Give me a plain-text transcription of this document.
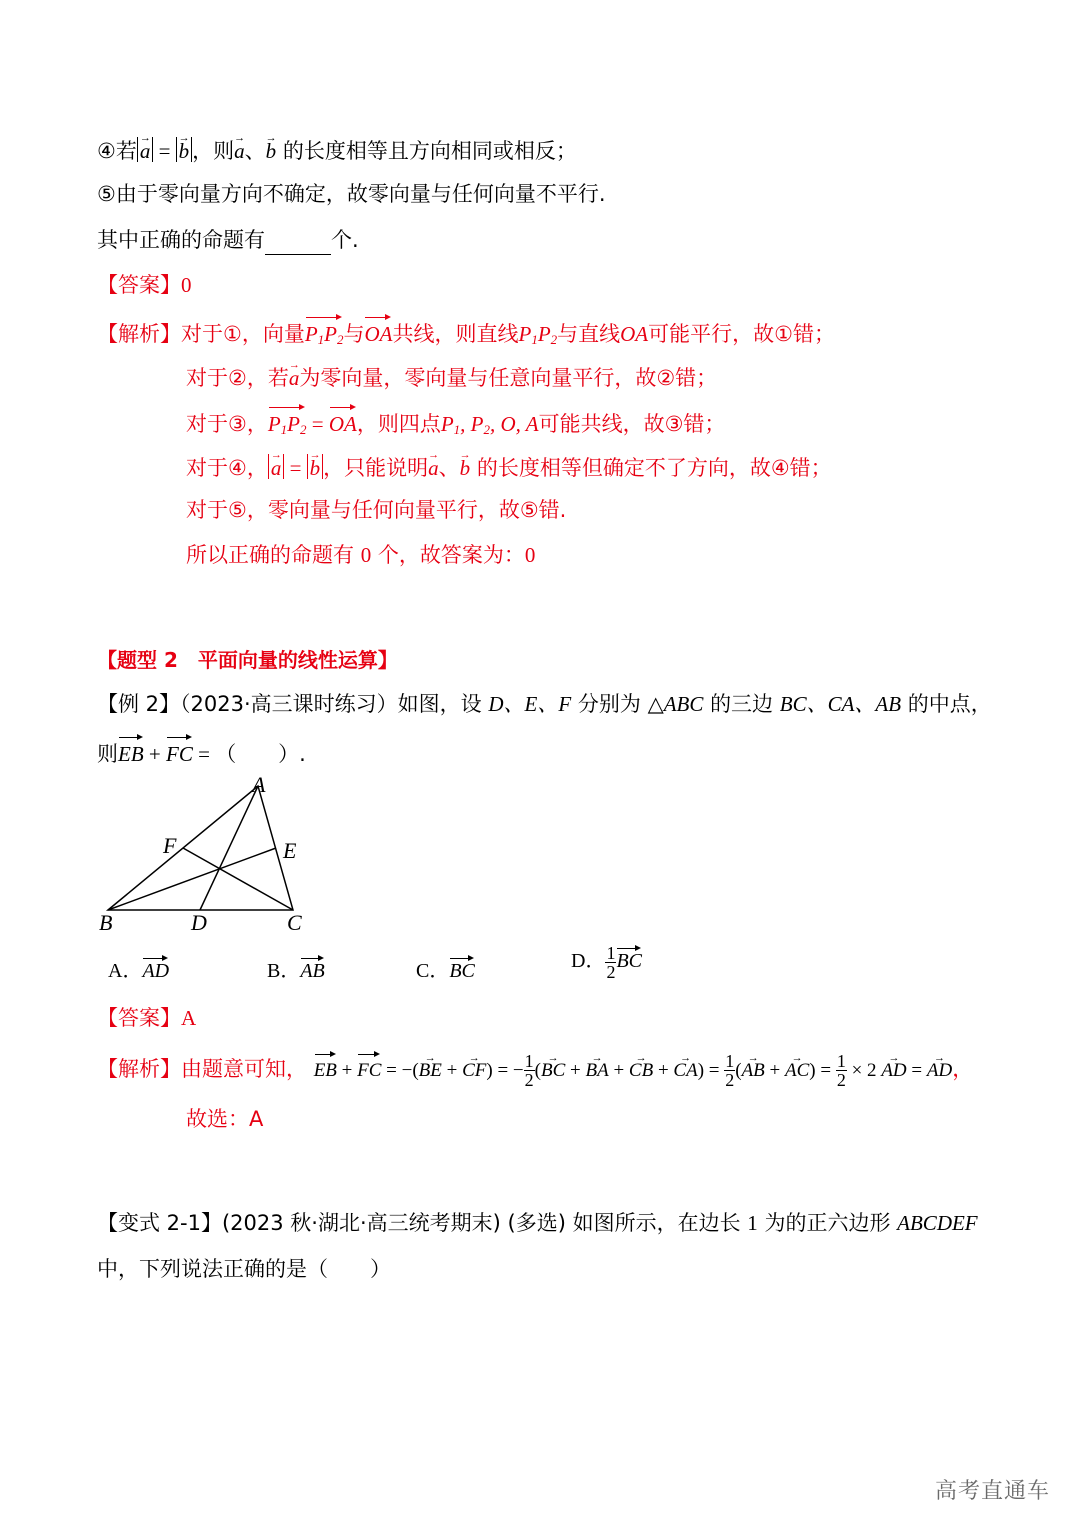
④若 → a = → b ，则→ a、→ b 的长度相等且方向相同或相反；
⑤由于零向量方向不确定，故零向量与任何向量不平行.
其中正确的命题有	个.
【答案】0
【解析】对于①，向量$P_1P_2$与OA共线，则直线$P_1P_2$与直线OA可能平行，故①错；
对于②，若→ a为零向量，零向量与任意向量平行，故②错；
对于③，$P_1P_2$ = OA，则四点$P_1$, $P_2$, O, A可能共线，故③错；
对于④， → a = → b ，只能说明→ a、→ b 的长度相等但确定不了方向，故④错；
对于⑤，零向量与任何向量平行，故⑤错.
所以正确的命题有 0 个，故答案为：0
【题型 2　平面向量的线性运算】
【例 2】（2023·高三课时练习）如图，设 D、E、F 分别为 △ABC 的三边 BC、CA、AB 的中点，
则EB + FC = （　　）.
A
B	C
D
E
F
A．AD	B．AB	C．BC	D． $\frac{1}{2}$ BC
【答案】A
【解析】由题意可知， EB + FC = −(→ BE + → CF) = − $\frac{1}{2}$ (→ BC + → BA + → CB + → $CA) = \frac{1}{2}$ (→ AB + → $AC) = \frac{1}{2} \times 2$ → AD = → AD，
故选：A
【变式 2-1】(2023 秋·湖北·高三统考期末) (多选) 如图所示，在边长 1 为的正六边形 ABCDEF
中，下列说法正确的是（　　）
高考直通车
